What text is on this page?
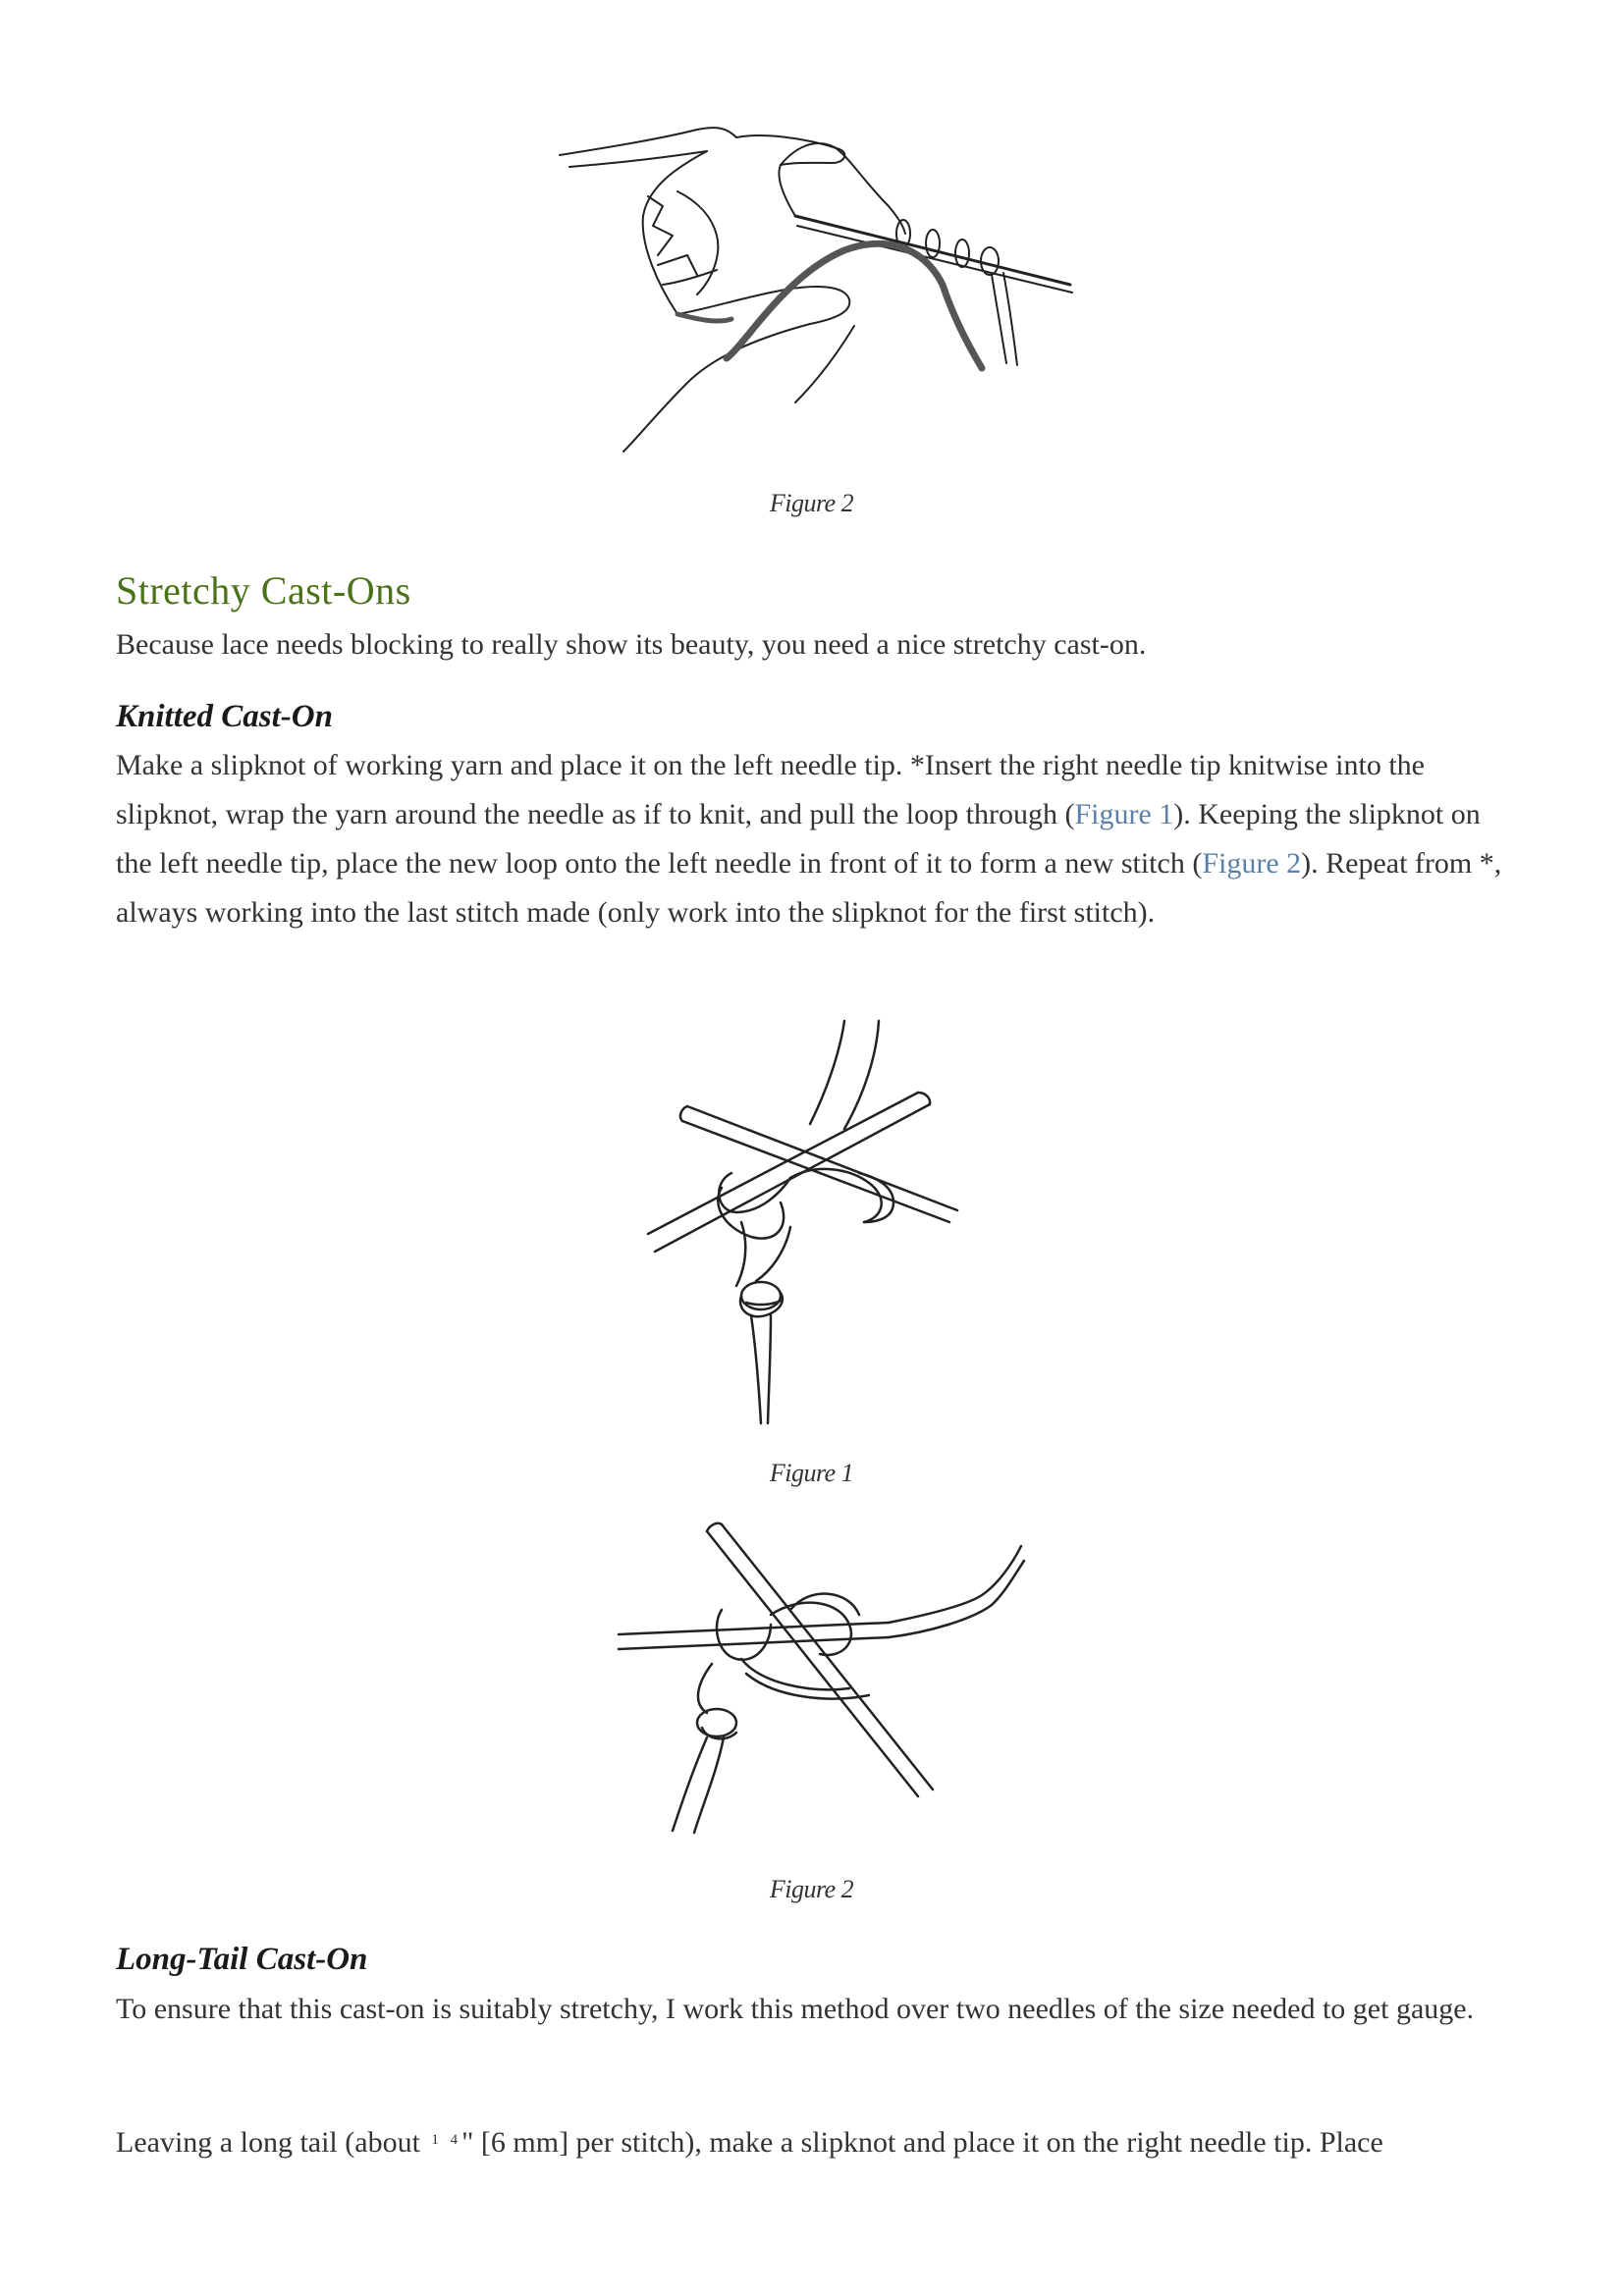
Figure 2
Stretchy Cast-Ons

Because lace needs blocking to really show its beauty, you need a nice stretchy cast-on.

Knitted Cast-On

Make a slipknot of working yarn and place it on the left needle tip. *Insert the right needle tip knitwise into the slipknot, wrap the yarn around the needle as if to knit, and pull the loop through (Figure 1). Keeping the slipknot on the left needle tip, place the new loop onto the left needle in front of it to form a new stitch (Figure 2). Repeat from *, always working into the last stitch made (only work into the slipknot for the first stitch).

Figure 1
Figure 2
Long-Tail Cast-On

To ensure that this cast-on is suitably stretchy, I work this method over two needles of the size needed to get gauge.

Leaving a long tail (about $^{1 4}$" [6 mm] per stitch), make a slipknot and place it on the right needle tip. Place
